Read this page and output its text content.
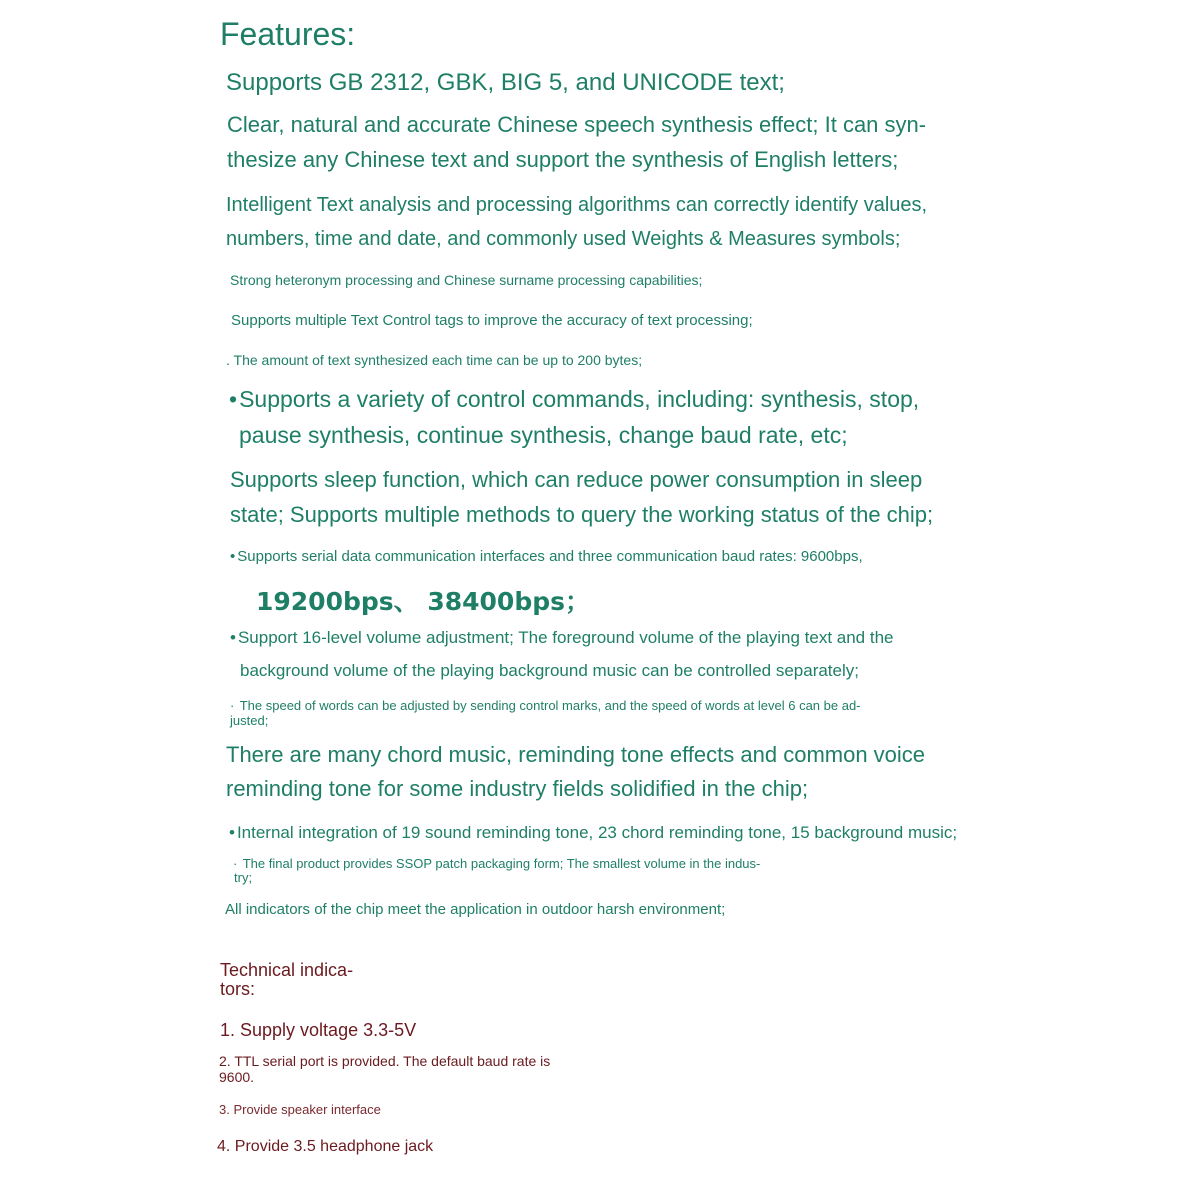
Features:

Supports GB 2312, GBK, BIG 5, and UNICODE text;

Clear, natural and accurate Chinese speech synthesis effect; It can syn-

thesize any Chinese text and support the synthesis of English letters;

Intelligent Text analysis and processing algorithms can correctly identify values,

numbers, time and date, and commonly used Weights & Measures symbols;

Strong heteronym processing and Chinese surname processing capabilities;

Supports multiple Text Control tags to improve the accuracy of text processing;

. The amount of text synthesized each time can be up to 200 bytes;

•Supports a variety of control commands, including: synthesis, stop,

pause synthesis, continue synthesis, change baud rate, etc;

Supports sleep function, which can reduce power consumption in sleep

state; Supports multiple methods to query the working status of the chip;

• Supports serial data communication interfaces and three communication baud rates: 9600bps,

19200bps、 38400bps；

• Support 16-level volume adjustment; The foreground volume of the playing text and the

background volume of the playing background music can be controlled separately;

· The speed of words can be adjusted by sending control marks, and the speed of words at level 6 can be ad-

justed;

There are many chord music, reminding tone effects and common voice

reminding tone for some industry fields solidified in the chip;

• Internal integration of 19 sound reminding tone, 23 chord reminding tone, 15 background music;
· The final product provides SSOP patch packaging form; The smallest volume in the indus-

try;

All indicators of the chip meet the application in outdoor harsh environment;

Technical indica-
tors:

1. Supply voltage 3.3-5V

2. TTL serial port is provided. The default baud rate is

9600.

3. Provide speaker interface

4. Provide 3.5 headphone jack
